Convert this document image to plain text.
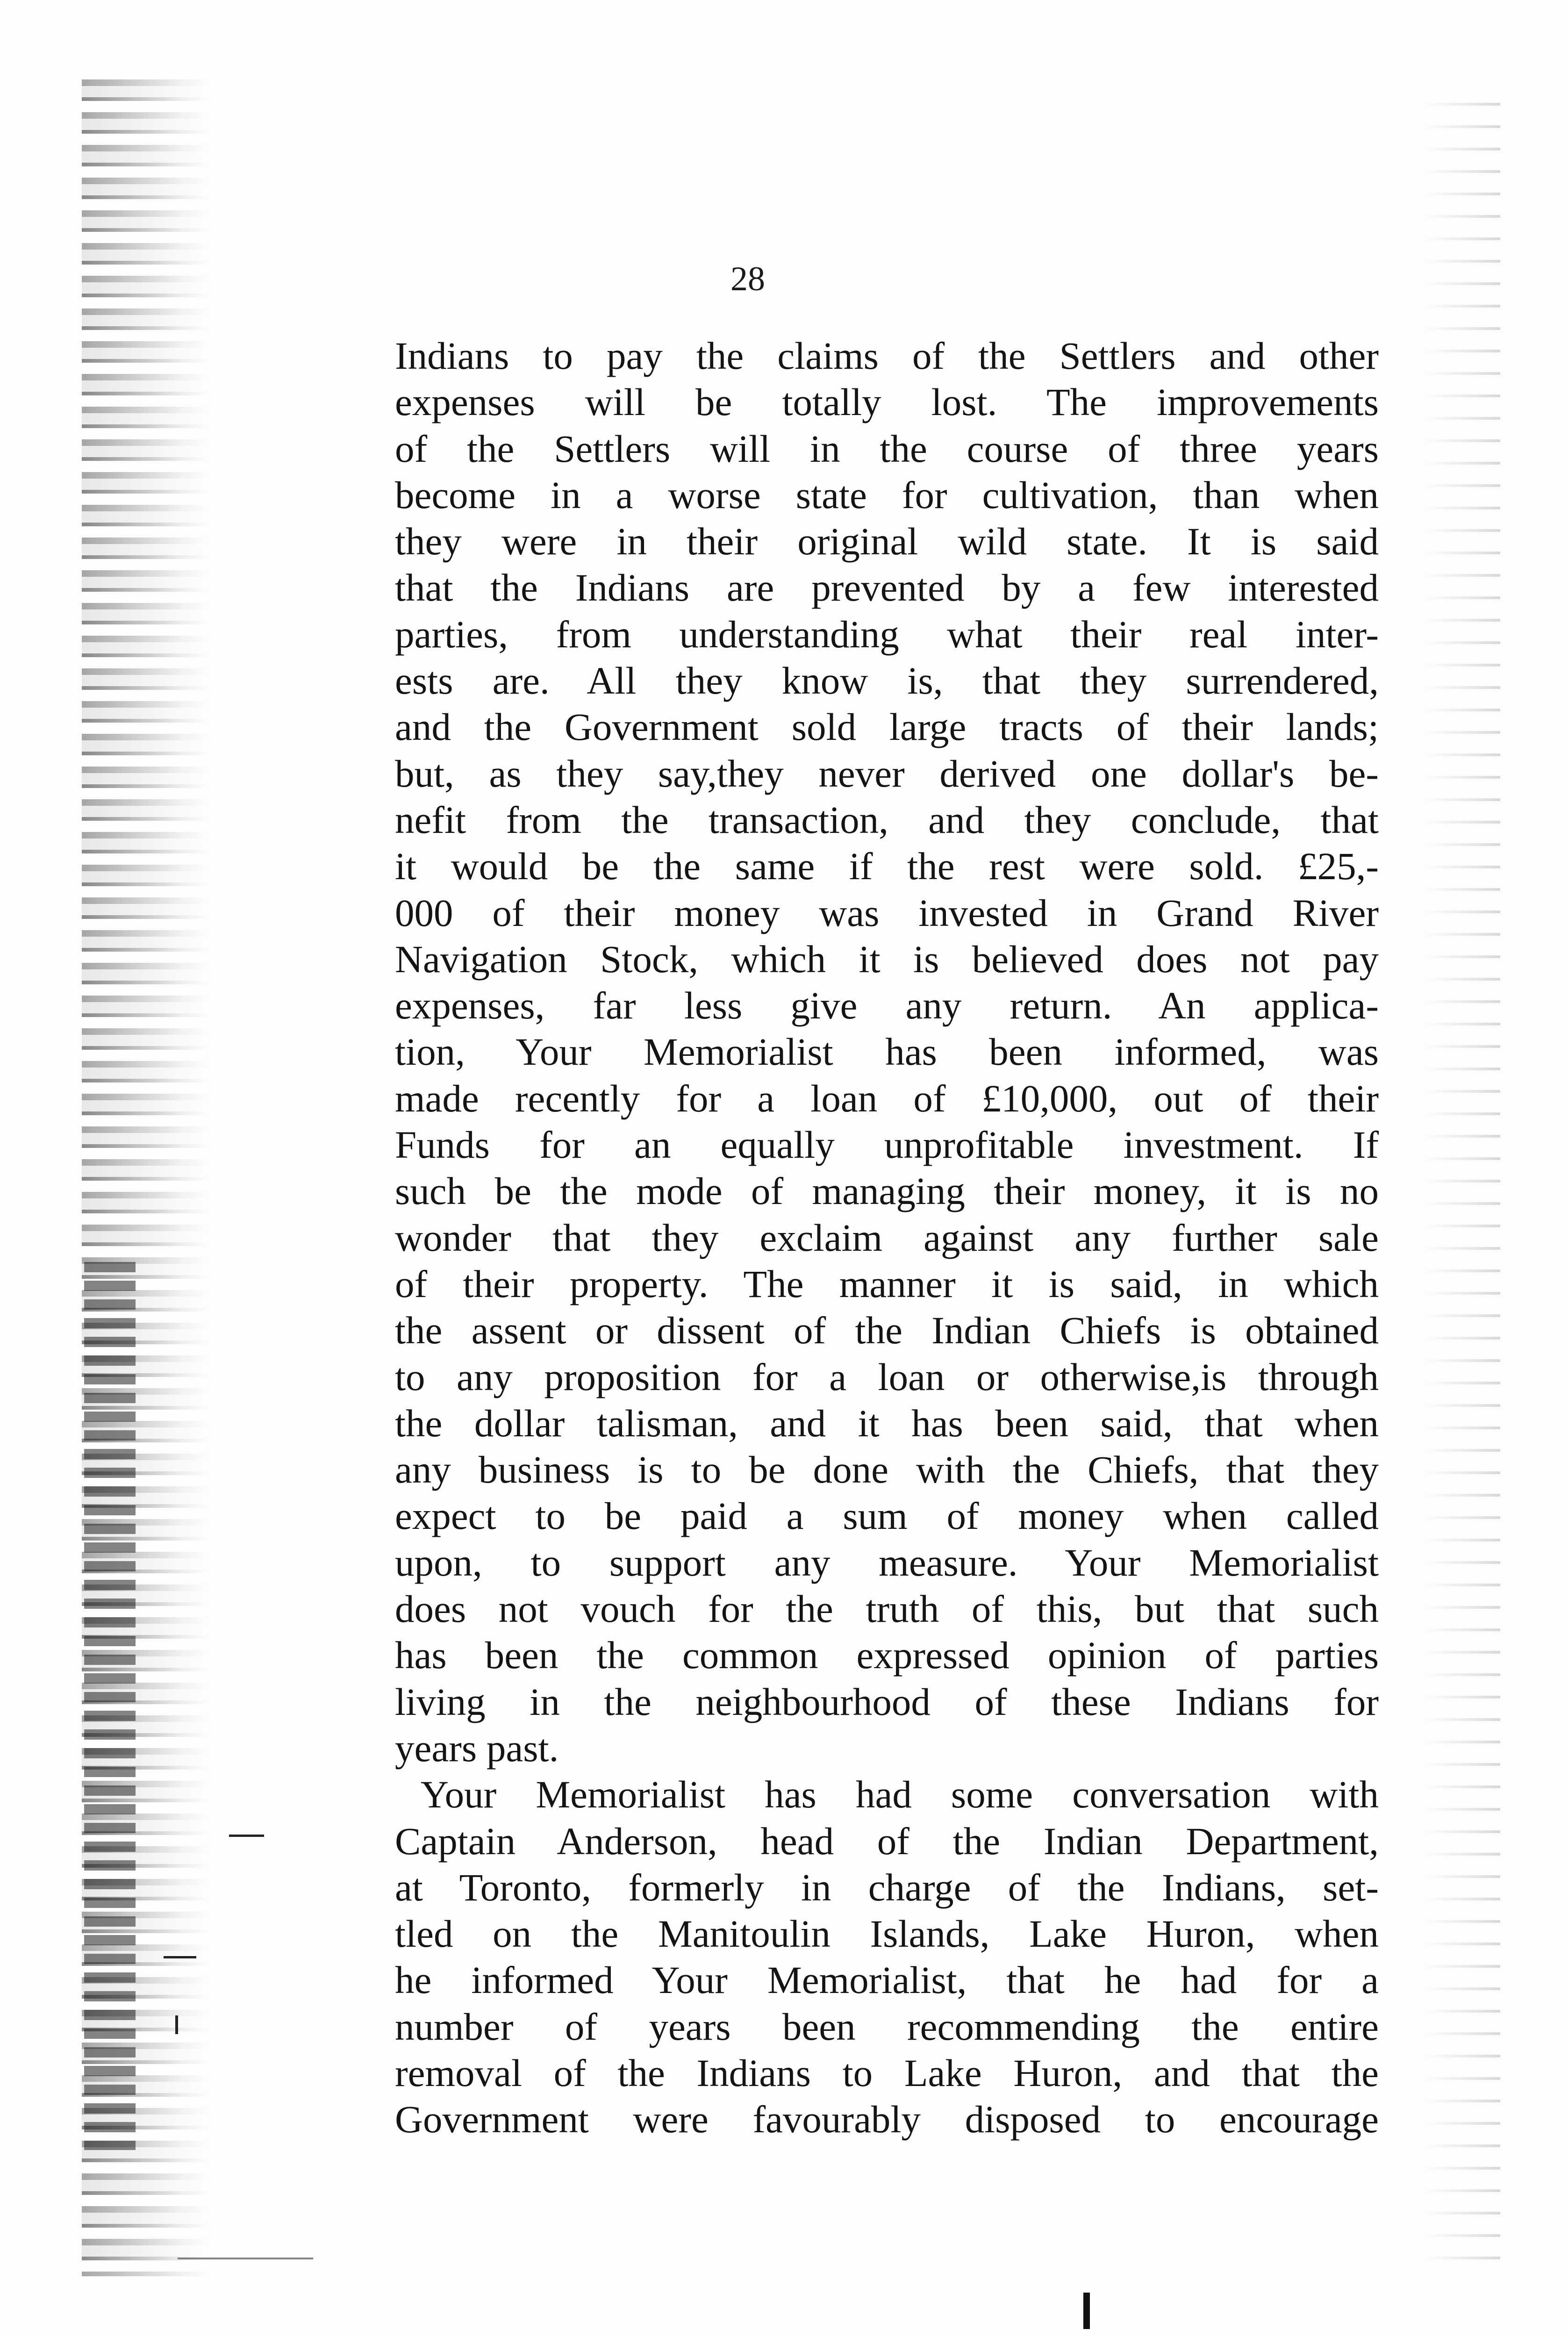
28
Indians to pay the claims of the Settlers and other
expenses will be totally lost. The improvements
of the Settlers will in the course of three years
become in a worse state for cultivation, than when
they were in their original wild state. It is said
that the Indians are prevented by a few interested
parties, from understanding what their real inter-
ests are. All they know is, that they surrendered,
and the Government sold large tracts of their lands;
but, as they say,they never derived one dollar's be-
nefit from the transaction, and they conclude, that
it would be the same if the rest were sold. £25,-
000 of their money was invested in Grand River
Navigation Stock, which it is believed does not pay
expenses, far less give any return. An applica-
tion, Your Memorialist has been informed, was
made recently for a loan of £10,000, out of their
Funds for an equally unprofitable investment. If
such be the mode of managing their money, it is no
wonder that they exclaim against any further sale
of their property. The manner it is said, in which
the assent or dissent of the Indian Chiefs is obtained
to any proposition for a loan or otherwise,is through
the dollar talisman, and it has been said, that when
any business is to be done with the Chiefs, that they
expect to be paid a sum of money when called
upon, to support any measure. Your Memorialist
does not vouch for the truth of this, but that such
has been the common expressed opinion of parties
living in the neighbourhood of these Indians for
years past.
Your Memorialist has had some conversation with
Captain Anderson, head of the Indian Department,
at Toronto, formerly in charge of the Indians, set-
tled on the Manitoulin Islands, Lake Huron, when
he informed Your Memorialist, that he had for a
number of years been recommending the entire
removal of the Indians to Lake Huron, and that the
Government were favourably disposed to encourage
